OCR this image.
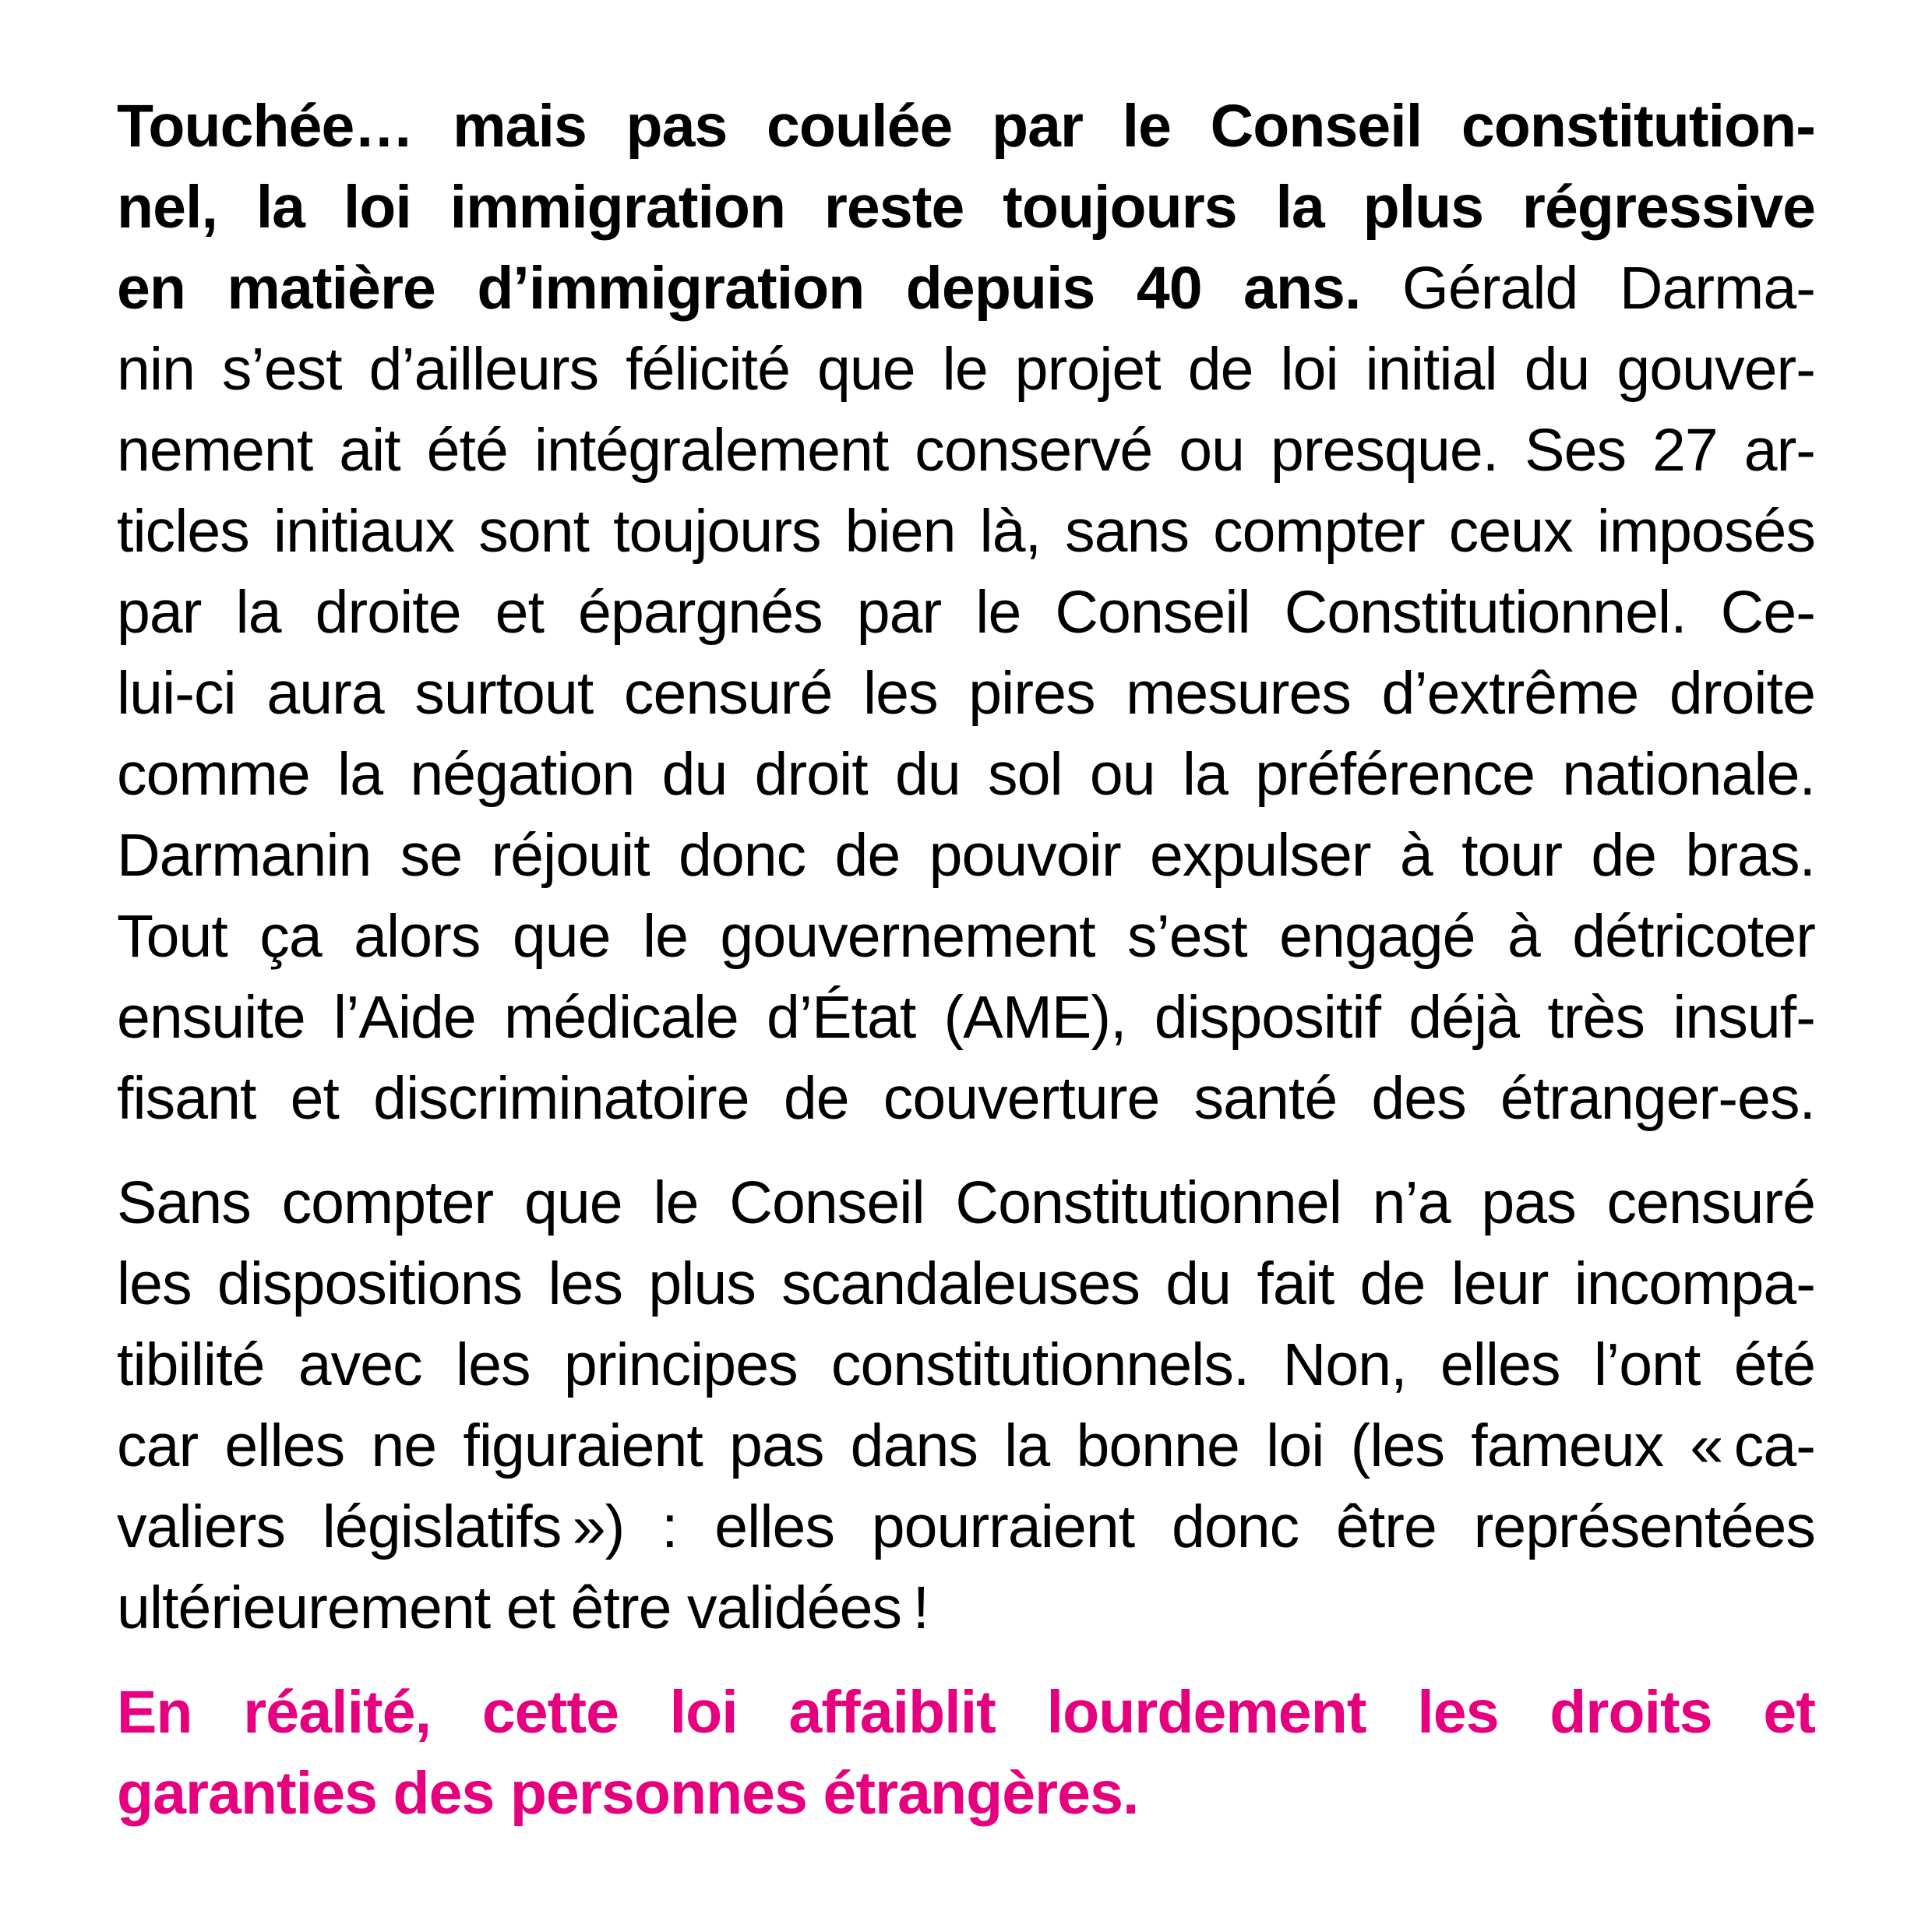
Touchée… mais pas coulée par le Conseil constitution-
nel, la loi immigration reste toujours la plus régressive
en matière d’immigration depuis 40 ans. Gérald Darma-
nin s’est d’ailleurs félicité que le projet de loi initial du gouver-
nement ait été intégralement conservé ou presque. Ses 27 ar-
ticles initiaux sont toujours bien là, sans compter ceux imposés
par la droite et épargnés par le Conseil Constitutionnel. Ce-
lui-ci aura surtout censuré les pires mesures d’extrême droite
comme la négation du droit du sol ou la préférence nationale.
Darmanin se réjouit donc de pouvoir expulser à tour de bras.
Tout ça alors que le gouvernement s’est engagé à détricoter
ensuite l’Aide médicale d’État (AME), dispositif déjà très insuf-
fisant et discriminatoire de couverture santé des étranger-es.
Sans compter que le Conseil Constitutionnel n’a pas censuré
les dispositions les plus scandaleuses du fait de leur incompa-
tibilité avec les principes constitutionnels. Non, elles l’ont été
car elles ne figuraient pas dans la bonne loi (les fameux « ca-
valiers législatifs ») : elles pourraient donc être représentées
ultérieurement et être validées !
En réalité, cette loi affaiblit lourdement les droits et
garanties des personnes étrangères.
